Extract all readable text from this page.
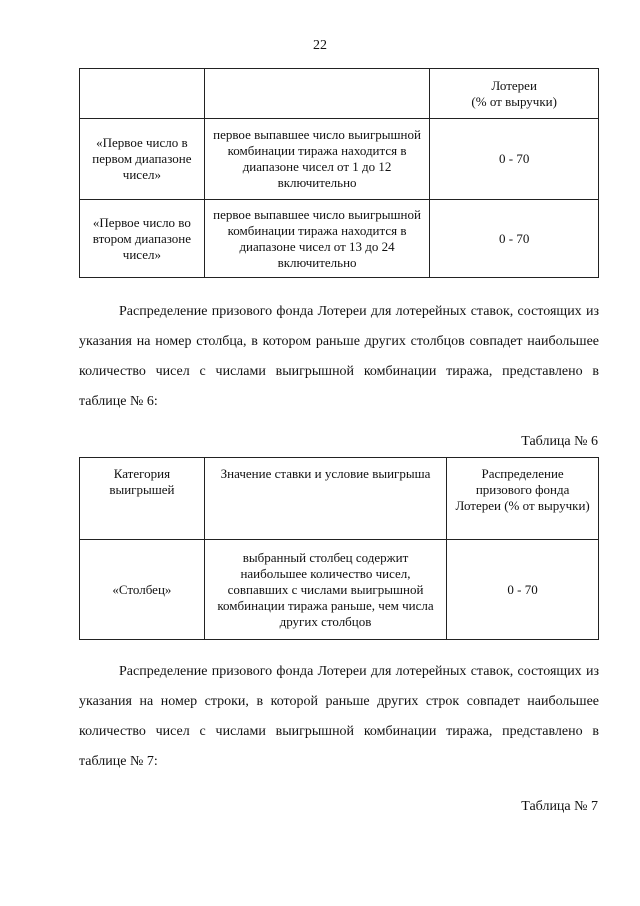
22
		Лотереи
(% от выручки)
«Первое число в первом диапазоне чисел»	первое выпавшее число выигрышной комбинации тиража находится в диапазоне чисел от 1 до 12 включительно	0 - 70
«Первое число во втором диапазоне чисел»	первое выпавшее число выигрышной комбинации тиража находится в диапазоне чисел от 13 до 24 включительно	0 - 70

Распределение призового фонда Лотереи для лотерейных ставок, состоящих из указания на номер столбца, в котором раньше других столбцов совпадет наибольшее количество чисел с числами выигрышной комбинации тиража, представлено в таблице № 6:

Таблица № 6
Категория выигрышей	Значение ставки и условие выигрыша	Распределение призового фонда Лотереи (% от выручки)
«Столбец»	выбранный столбец содержит наибольшее количество чисел, совпавших с числами выигрышной комбинации тиража раньше, чем числа других столбцов	0 - 70

Распределение призового фонда Лотереи для лотерейных ставок, состоящих из указания на номер строки, в которой раньше других строк совпадет наибольшее количество чисел с числами выигрышной комбинации тиража, представлено в таблице № 7:

Таблица № 7
